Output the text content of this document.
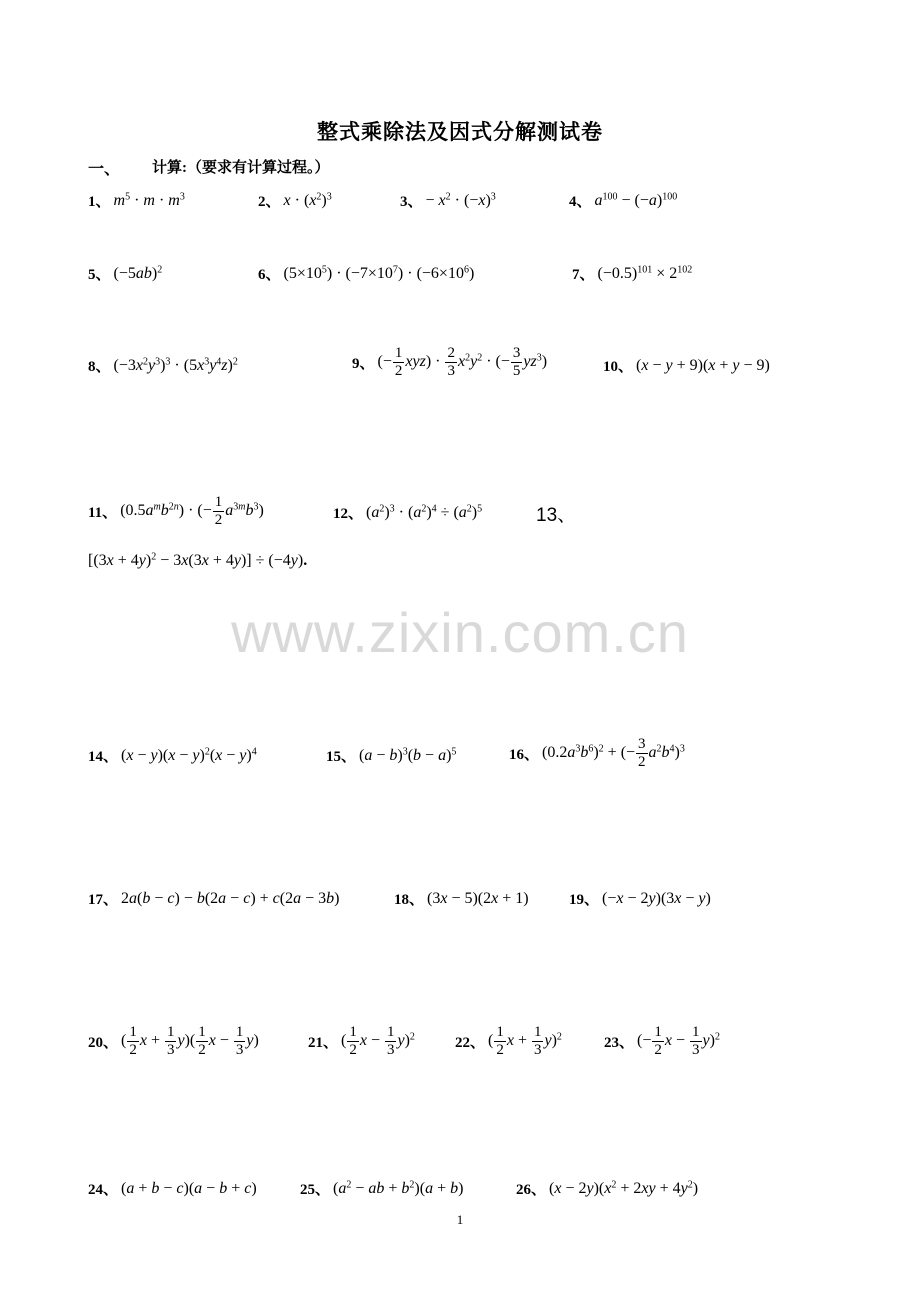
整式乘除法及因式分解测试卷
一、 计算:（要求有计算过程。）
1、 $m^5 \cdot m \cdot m^3$	2、 $x \cdot (x^2)^3$	3、 − $x^2 \cdot (-x)^3$	4、 $a^{100} - (-a)^{100}$
5、 $(-5ab)^2$	6、 $(5\times 10^5) \cdot (-7\times 10^7) \cdot (-6\times 10^6)$	7、 $(-0.5)^{101} \times 2^{102}$
8、 $(-3x^2y^3)^3 \cdot (5x^3y^4z)^2$	9、 (− $\frac{1}{2} xyz) \cdot \frac{2}{3} x^2y^2$ · (− $\frac{3}{5} yz^3$)	10、 (x − y + 9)(x + y − 9)
11、 $(0.5a^mb^{2n})$ · (− $\frac{1}{2} a^{3m}b^3$)	12、 $(a^2)^3 \cdot (a^2)^4 \div (a^2)^5$	13、
$[(3x + 4y)^2 - 3x(3x + 4y)] \div (-4y)$.
www.zixin.com.cn
14、 $(x - y)(x - y)^2(x - y)^4$	15、 $(a - b)^3(b - a)^5$	16、 $(0.2a^3b^6)^2$ + (− $\frac{3}{2} a^2b^4)^3$
17、 2a(b − c) − b(2a − c) + c(2a − 3b)	18、 (3x − 5)(2x + 1)	19、 (−x − 2y)(3x − y)
20、 ( $\frac{1}{2}$ $x + \frac{1}{3} y)( \frac{1}{2}$ $x - \frac{1}{3} y$)	21、 ( $\frac{1}{2}$ $x - \frac{1}{3} y)^2$	22、 ( $\frac{1}{2}$ $x + \frac{1}{3} y)^2$	23、 (− $\frac{1}{2}$ $x - \frac{1}{3} y)^2$
24、 (a + b − c)(a − b + c)	25、 ($a^2$ − ab + $b^2)(a + b)$	26、 $(x - 2y)(x^2 + 2xy + 4y^2)$
1
